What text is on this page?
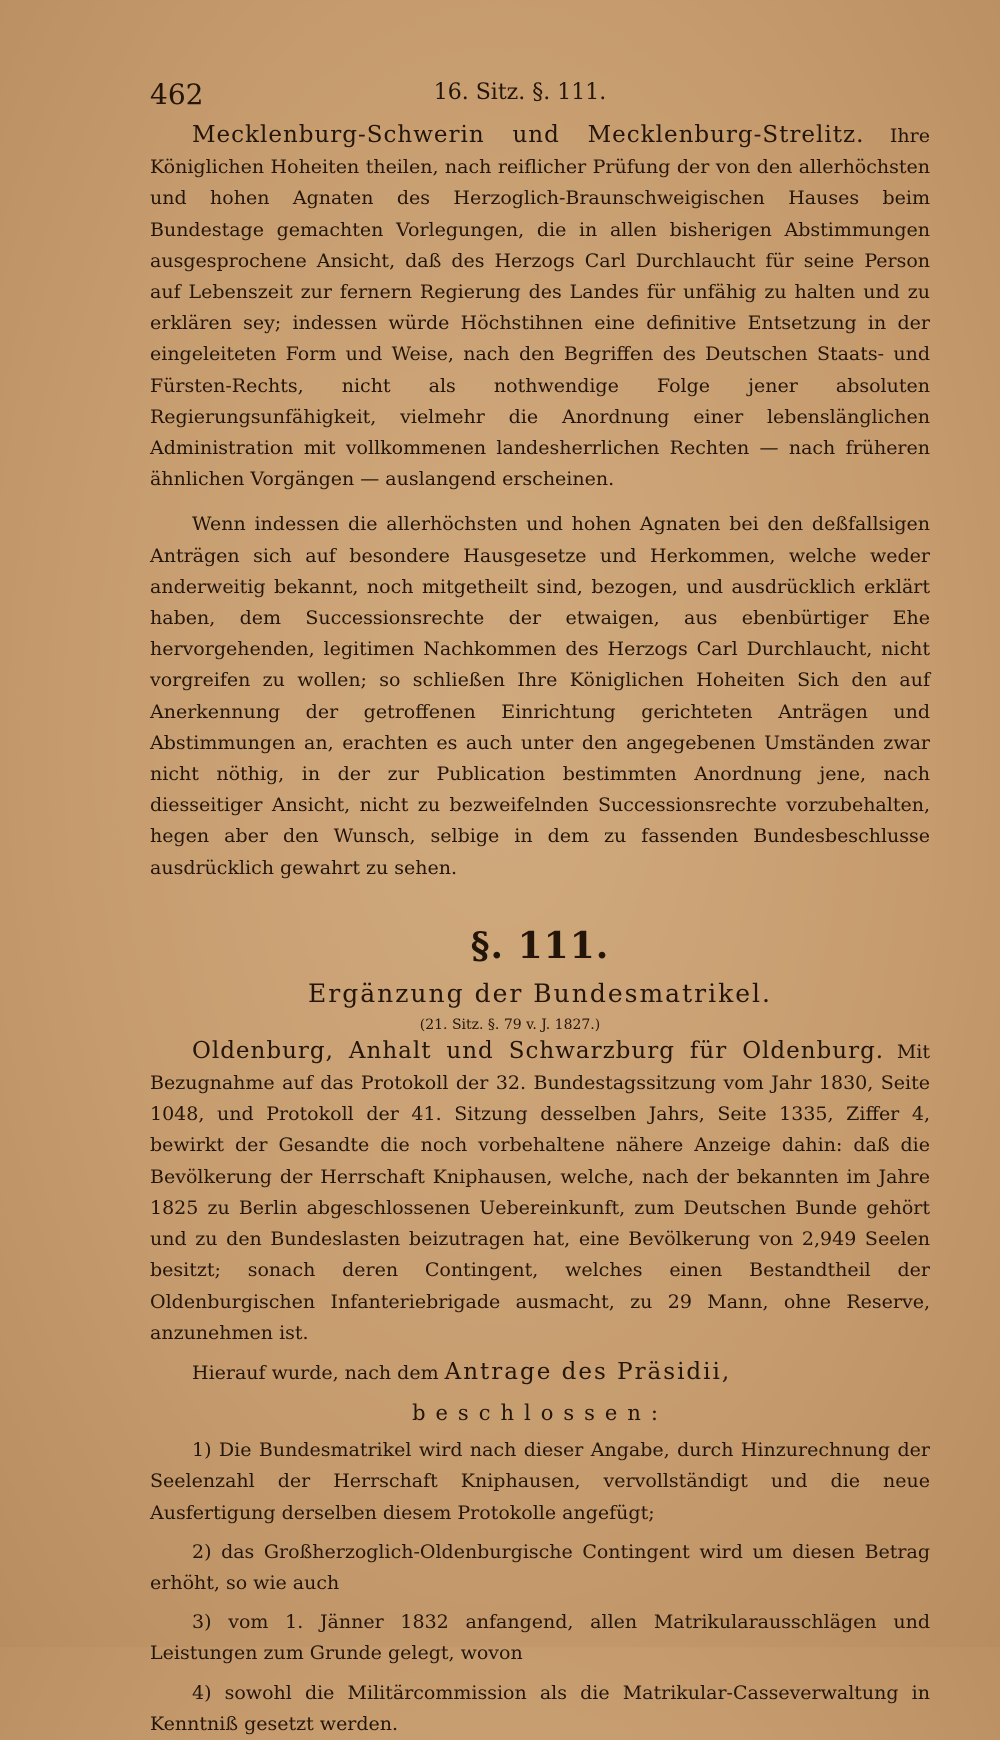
462	16. Sitz. §. 111.

Mecklenburg-Schwerin und Mecklenburg-Strelitz. Ihre Königlichen Hoheiten theilen, nach reiflicher Prüfung der von den allerhöchsten und hohen Agnaten des Herzoglich-Braunschweigischen Hauses beim Bundestage gemachten Vorlegungen, die in allen bisherigen Abstimmungen ausgesprochene Ansicht, daß des Herzogs Carl Durchlaucht für seine Person auf Lebenszeit zur fernern Regierung des Landes für unfähig zu halten und zu erklären sey; indessen würde Höchstihnen eine definitive Entsetzung in der eingeleiteten Form und Weise, nach den Begriffen des Deutschen Staats- und Fürsten-Rechts, nicht als nothwendige Folge jener absoluten Regierungsunfähigkeit, vielmehr die Anordnung einer lebenslänglichen Administration mit vollkommenen landesherrlichen Rechten — nach früheren ähnlichen Vorgängen — auslangend erscheinen.

Wenn indessen die allerhöchsten und hohen Agnaten bei den deßfallsigen Anträgen sich auf besondere Hausgesetze und Herkommen, welche weder anderweitig bekannt, noch mitgetheilt sind, bezogen, und ausdrücklich erklärt haben, dem Successionsrechte der etwaigen, aus ebenbürtiger Ehe hervorgehenden, legitimen Nachkommen des Herzogs Carl Durchlaucht, nicht vorgreifen zu wollen; so schließen Ihre Königlichen Hoheiten Sich den auf Anerkennung der getroffenen Einrichtung gerichteten Anträgen und Abstimmungen an, erachten es auch unter den angegebenen Umständen zwar nicht nöthig, in der zur Publication bestimmten Anordnung jene, nach diesseitiger Ansicht, nicht zu bezweifelnden Successionsrechte vorzubehalten, hegen aber den Wunsch, selbige in dem zu fassenden Bundesbeschlusse ausdrücklich gewahrt zu sehen.

§. 111.
Ergänzung der Bundesmatrikel.
(21. Sitz. §. 79 v. J. 1827.)

Oldenburg, Anhalt und Schwarzburg für Oldenburg. Mit Bezugnahme auf das Protokoll der 32. Bundestagssitzung vom Jahr 1830, Seite 1048, und Protokoll der 41. Sitzung desselben Jahrs, Seite 1335, Ziffer 4, bewirkt der Gesandte die noch vorbehaltene nähere Anzeige dahin: daß die Bevölkerung der Herrschaft Kniphausen, welche, nach der bekannten im Jahre 1825 zu Berlin abgeschlossenen Uebereinkunft, zum Deutschen Bunde gehört und zu den Bundeslasten beizutragen hat, eine Bevölkerung von 2,949 Seelen besitzt; sonach deren Contingent, welches einen Bestandtheil der Oldenburgischen Infanteriebrigade ausmacht, zu 29 Mann, ohne Reserve, anzunehmen ist.

Hierauf wurde, nach dem Antrage des Präsidii,

beschlossen:

1) Die Bundesmatrikel wird nach dieser Angabe, durch Hinzurechnung der Seelenzahl der Herrschaft Kniphausen, vervollständigt und die neue Ausfertigung derselben diesem Protokolle angefügt;

2) das Großherzoglich-Oldenburgische Contingent wird um diesen Betrag erhöht, so wie auch

3) vom 1. Jänner 1832 anfangend, allen Matrikularausschlägen und Leistungen zum Grunde gelegt, wovon

4) sowohl die Militärcommission als die Matrikular-Casseverwaltung in Kenntniß gesetzt werden.
